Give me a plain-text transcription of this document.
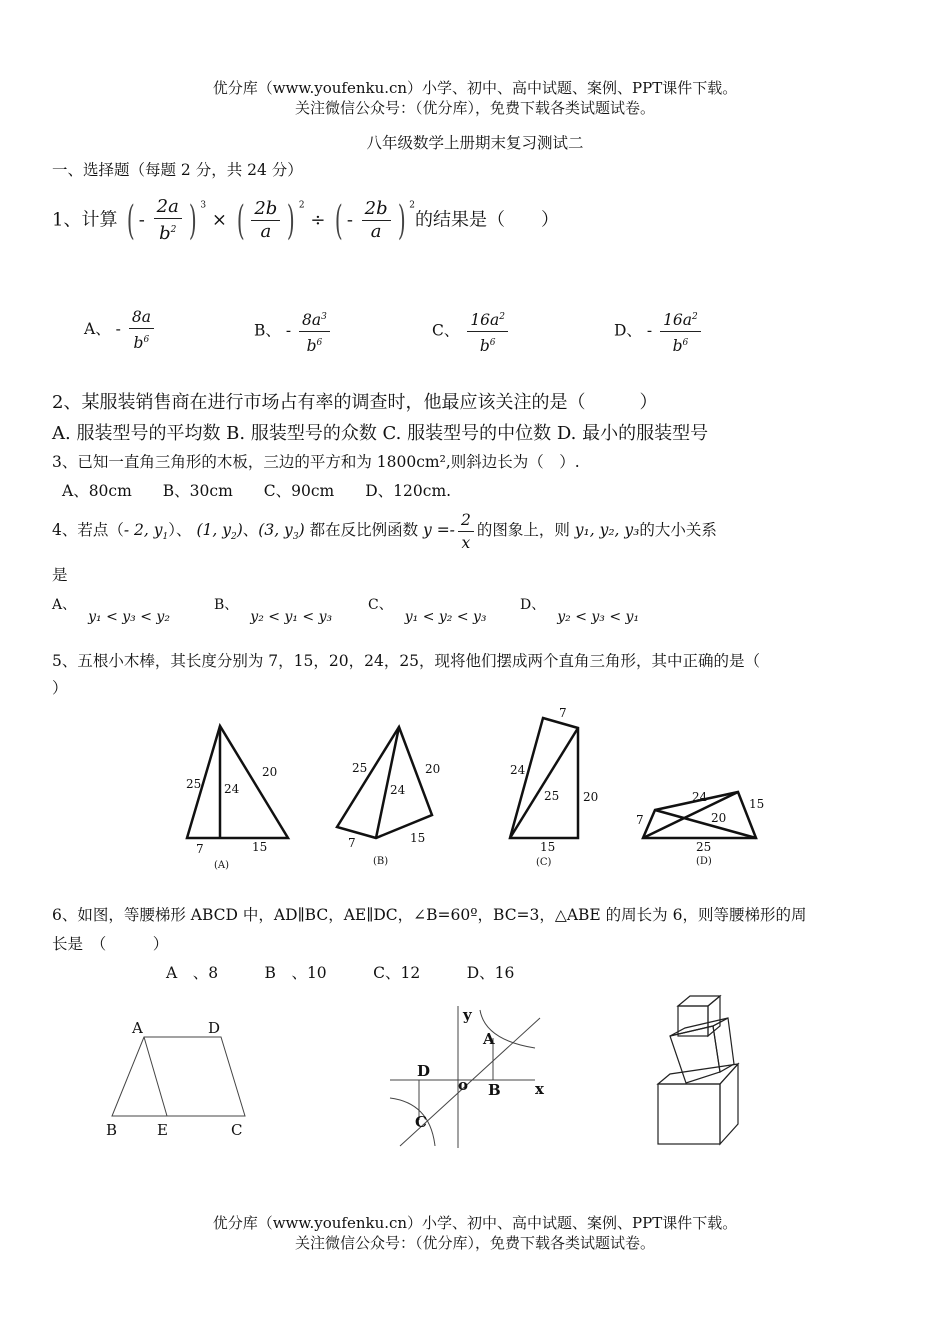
优分库（www.youfenku.cn）小学、初中、高中试题、案例、PPT课件下载。
关注微信公众号：（优分库），免费下载各类试题试卷。
八年级数学上册期末复习测试二
一、选择题（每题 2 分，共 24 分）
1、计算 ( - $\frac{2a}{b^2}$ ) $^3$ × ( $\frac{2b}{a}$ ) $^2$ ÷ ( - $\frac{2b}{a}$ ) $^2$的结果是（　　）
A、 - $\frac{8a}{b^6}$	B、 - $\frac{8a^3}{b^6}$	C、 $\frac{16a^2}{b^6}$	D、 - $\frac{16a^2}{b^6}$
2、某服装销售商在进行市场占有率的调查时，他最应该关注的是（　　　）
A. 服装型号的平均数 B. 服装型号的众数 C. 服装型号的中位数 D. 最小的服装型号
3、已知一直角三角形的木板，三边的平方和为 1800cm²,则斜边长为（　）.
A、80cm　　B、30cm　　C、90cm　　D、120cm.
4、若点（- 2, $y_1$）、 (1, $y_2$)、(3, $y_3$) 都在反比例函数 $y =- \frac{2}{x}$ 的图象上，则 y₁, y₂, y₃的大小关系
是
A、y₁ < y₃ < y₂
B、y₂ < y₁ < y₃
C、y₁ < y₂ < y₃
D、y₂ < y₃ < y₁
5、五根小木棒，其长度分别为 7，15，20，24，25，现将他们摆成两个直角三角形，其中正确的是（
）
25 24
20
7	15
(A)
25
24
20
7	15
(B)
7
24
25 20
15
(C)
24	15
7	20
25
(D)
6、如图，等腰梯形 ABCD 中，AD∥BC，AE∥DC，∠B=60º，BC=3，△ABE 的周长为 6，则等腰梯形的周
长是　（　　　）
A　、8　　　B　、10　　　C、12　　　D、16
A	D
B	E	C
y
x
A
D
o B
C
优分库（www.youfenku.cn）小学、初中、高中试题、案例、PPT课件下载。
关注微信公众号：（优分库），免费下载各类试题试卷。
